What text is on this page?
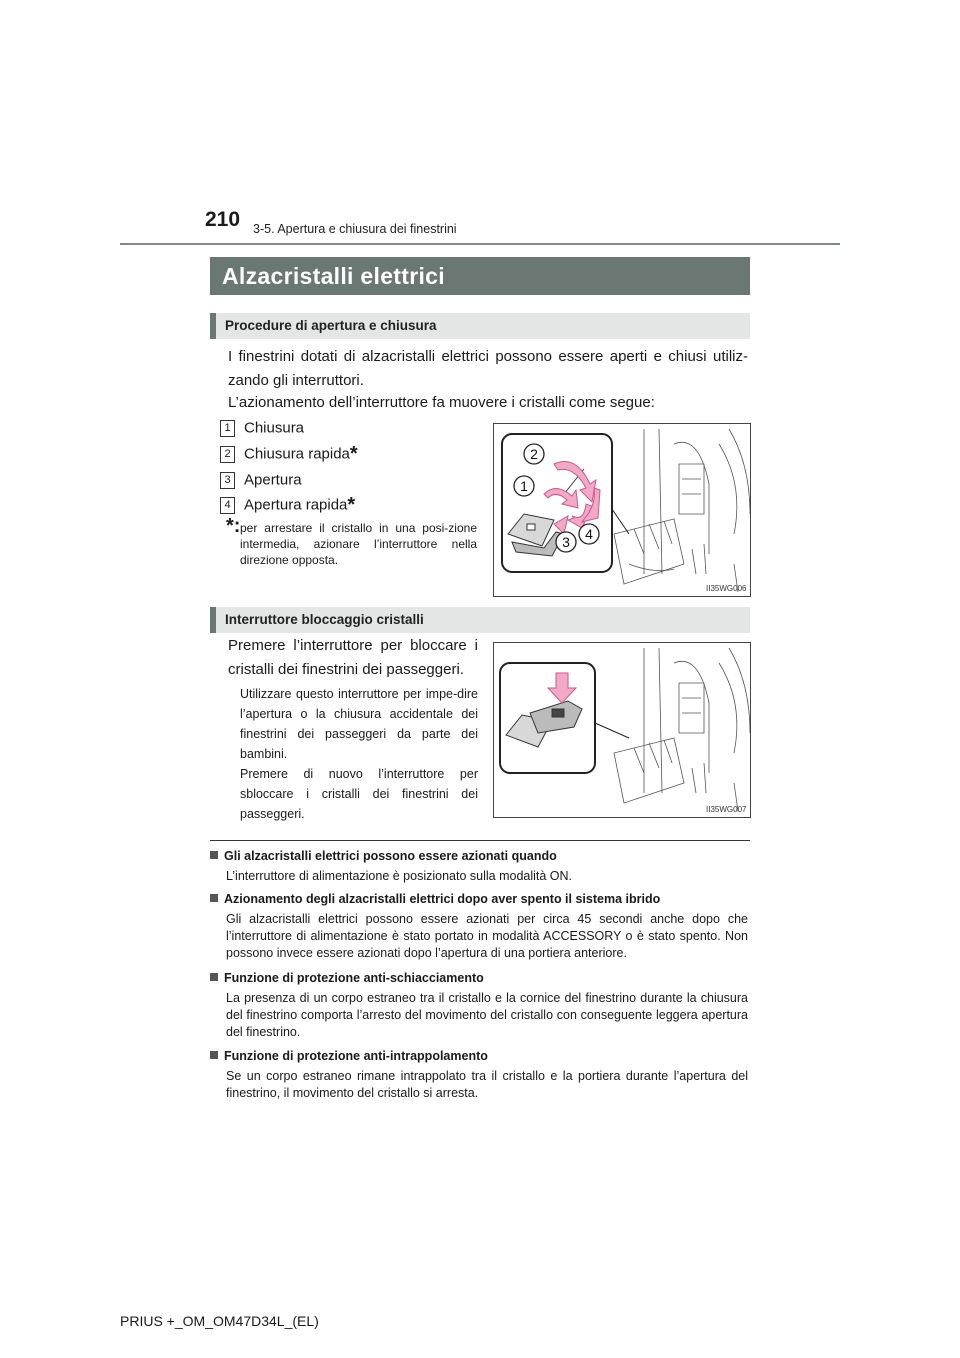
210 3-5. Apertura e chiusura dei finestrini
Alzacristalli elettrici
Procedure di apertura e chiusura
I finestrini dotati di alzacristalli elettrici possono essere aperti e chiusi utiliz-zando gli interruttori.
L’azionamento dell’interruttore fa muovere i cristalli come segue:
1 Chiusura
2 Chiusura rapida*
3 Apertura
4 Apertura rapida*
*: per arrestare il cristallo in una posi-zione intermedia, azionare l’interruttore nella direzione opposta.
2
1
3 4
II35WG006
Interruttore bloccaggio cristalli
Premere l’interruttore per bloccare i cristalli dei finestrini dei passeggeri.
Utilizzare questo interruttore per impe-dire l’apertura o la chiusura accidentale dei finestrini dei passeggeri da parte dei bambini.
Premere di nuovo l’interruttore per sbloccare i cristalli dei finestrini dei passeggeri.	II35WG007
Gli alzacristalli elettrici possono essere azionati quando
L’interruttore di alimentazione è posizionato sulla modalità ON.
Azionamento degli alzacristalli elettrici dopo aver spento il sistema ibrido
Gli alzacristalli elettrici possono essere azionati per circa 45 secondi anche dopo che l’interruttore di alimentazione è stato portato in modalità ACCESSORY o è stato spento. Non possono invece essere azionati dopo l’apertura di una portiera anteriore.
Funzione di protezione anti-schiacciamento
La presenza di un corpo estraneo tra il cristallo e la cornice del finestrino durante la chiusura del finestrino comporta l’arresto del movimento del cristallo con conseguente leggera apertura del finestrino.
Funzione di protezione anti-intrappolamento
Se un corpo estraneo rimane intrappolato tra il cristallo e la portiera durante l’apertura del finestrino, il movimento del cristallo si arresta.
PRIUS +_OM_OM47D34L_(EL)
